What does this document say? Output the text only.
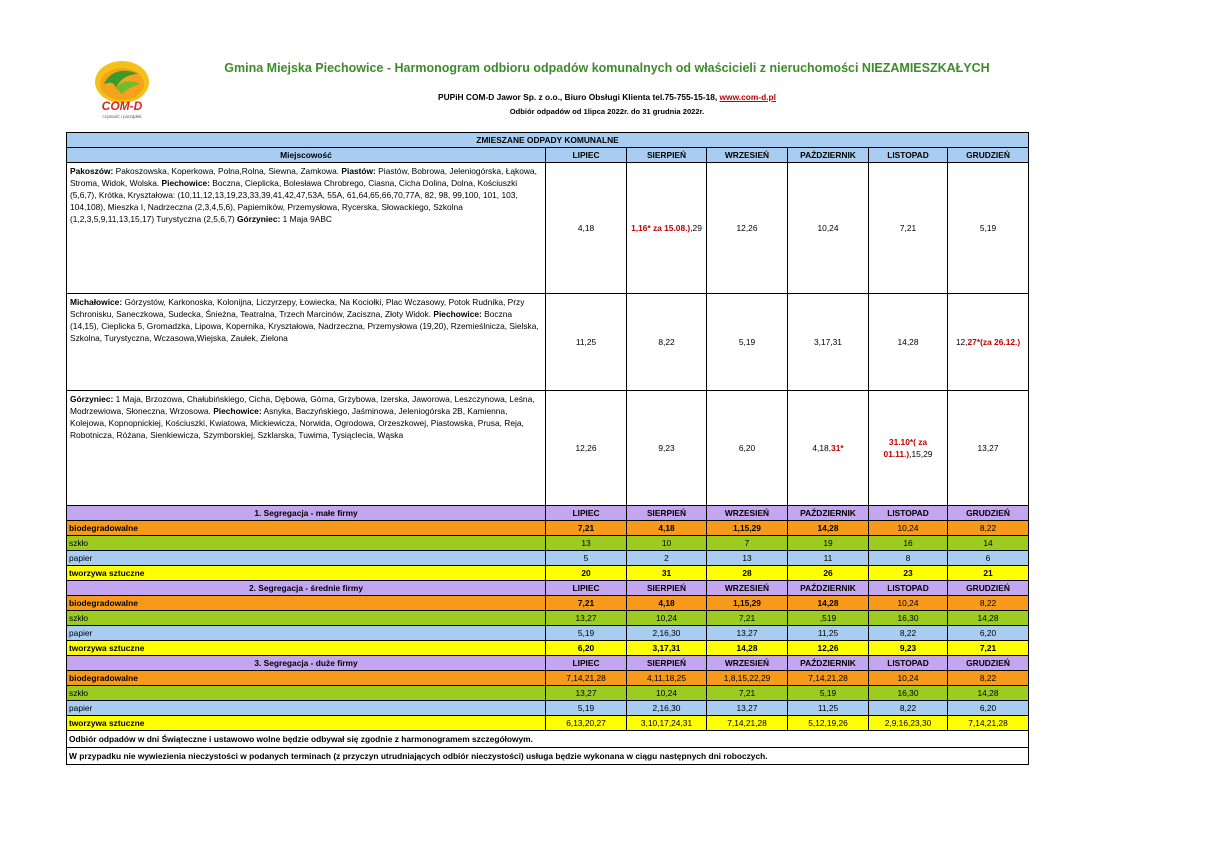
COM-D
czystość i porządek
Gmina Miejska Piechowice - Harmonogram odbioru odpadów komunalnych od właścicieli z nieruchomości NIEZAMIESZKAŁYCH
PUPiH COM-D Jawor Sp. z o.o., Biuro Obsługi Klienta tel.75-755-15-18, www.com-d.pl
Odbiór odpadów od 1lipca 2022r. do 31 grudnia 2022r.
ZMIESZANE ODPADY KOMUNALNE						
Miejscowość	LIPIEC	SIERPIEŃ	WRZESIEŃ	PAŹDZIERNIK	LISTOPAD	GRUDZIEŃ
Pakoszów: Pakoszowska, Koperkowa, Polna,Rolna, Siewna, Zamkowa. Piastów: Piastów, Bobrowa, Jeleniogórska, Łąkowa, Stroma, Widok, Wolska. Piechowice: Boczna, Cieplicka, Bolesława Chrobrego, Ciasna, Cicha Dolina, Dolna, Kościuszki (5,6,7), Krótka, Kryształowa: (10,11,12,13,19,23,33,39,41,42,47,53A, 55A, 61,64,65,66,70,77A, 82, 98, 99,100, 101, 103, 104,108), Mieszka I, Nadrzeczna (2,3,4,5,6), Papierników, Przemysłowa, Rycerska, Słowackiego, Szkolna (1,2,3,5,9,11,13,15,17) Turystyczna (2,5,6,7) Górzyniec: 1 Maja 9ABC	4,18	1,16* za 15.08.),29	12,26	10,24	7,21	5,19
Michałowice: Górzystów, Karkonoska, Kolonijna, Liczyrzepy, Łowiecka, Na Kociołki, Plac Wczasowy, Potok Rudnika, Przy Schronisku, Saneczkowa, Sudecka, Śnieżna, Teatralna, Trzech Marcinów, Zaciszna, Złoty Widok. Piechowice: Boczna (14,15), Cieplicka 5, Gromadzka, Lipowa, Kopernika, Kryształowa, Nadrzeczna, Przemysłowa (19,20), Rzemieślnicza, Sielska, Szkolna, Turystyczna, Wczasowa,Wiejska, Zaułek, Zielona	11,25	8,22	5,19	3,17,31	14,28	12,27*(za 26.12.)
Górzyniec: 1 Maja, Brzozowa, Chałubińskiego, Cicha, Dębowa, Górna, Grzybowa, Izerska, Jaworowa, Leszczynowa, Leśna, Modrzewiowa, Słoneczna, Wrzosowa. Piechowice: Asnyka, Baczyńskiego, Jaśminowa, Jeleniogórska 2B, Kamienna, Kolejowa, Kopnopnickiej, Kościuszki, Kwiatowa, Mickiewicza, Norwida, Ogrodowa, Orzeszkowej, Piastowska, Prusa, Reja, Robotnicza, Różana, Sienkiewicza, Szymborskiej, Szklarska, Tuwima, Tysiąclecia, Wąska	12,26	9,23	6,20	4,18,31*	31.10*( za 01.11.),15,29	13,27
1. Segregacja - małe firmy	LIPIEC	SIERPIEŃ	WRZESIEŃ	PAŹDZIERNIK	LISTOPAD	GRUDZIEŃ
biodegradowalne	7,21	4,18	1,15,29	14,28	10,24	8,22
szkło	13	10	7	19	16	14
papier	5	2	13	11	8	6
tworzywa sztuczne	20	31	28	26	23	21
2. Segregacja - średnie firmy	LIPIEC	SIERPIEŃ	WRZESIEŃ	PAŹDZIERNIK	LISTOPAD	GRUDZIEŃ
biodegradowalne	7,21	4,18	1,15,29	14,28	10,24	8,22
szkło	13,27	10,24	7,21	,519	16,30	14,28
papier	5,19	2,16,30	13,27	11,25	8,22	6,20
tworzywa sztuczne	6,20	3,17,31	14,28	12,26	9,23	7,21
3. Segregacja - duże firmy	LIPIEC	SIERPIEŃ	WRZESIEŃ	PAŹDZIERNIK	LISTOPAD	GRUDZIEŃ
biodegradowalne	7,14,21,28	4,11,18,25	1,8,15,22,29	7,14,21,28	10,24	8,22
szkło	13,27	10,24	7,21	5,19	16,30	14,28
papier	5,19	2,16,30	13,27	11,25	8,22	6,20
tworzywa sztuczne	6,13,20,27	3,10,17,24,31	7,14,21,28	5,12,19,26	2,9,16,23,30	7,14,21,28
Odbiór odpadów w dni Świąteczne i ustawowo wolne będzie odbywał się zgodnie z harmonogramem szczegółowym.						
W przypadku nie wywiezienia nieczystości w podanych terminach (z przyczyn utrudniających odbiór nieczystości) usługa będzie wykonana w ciągu następnych dni roboczych.						
